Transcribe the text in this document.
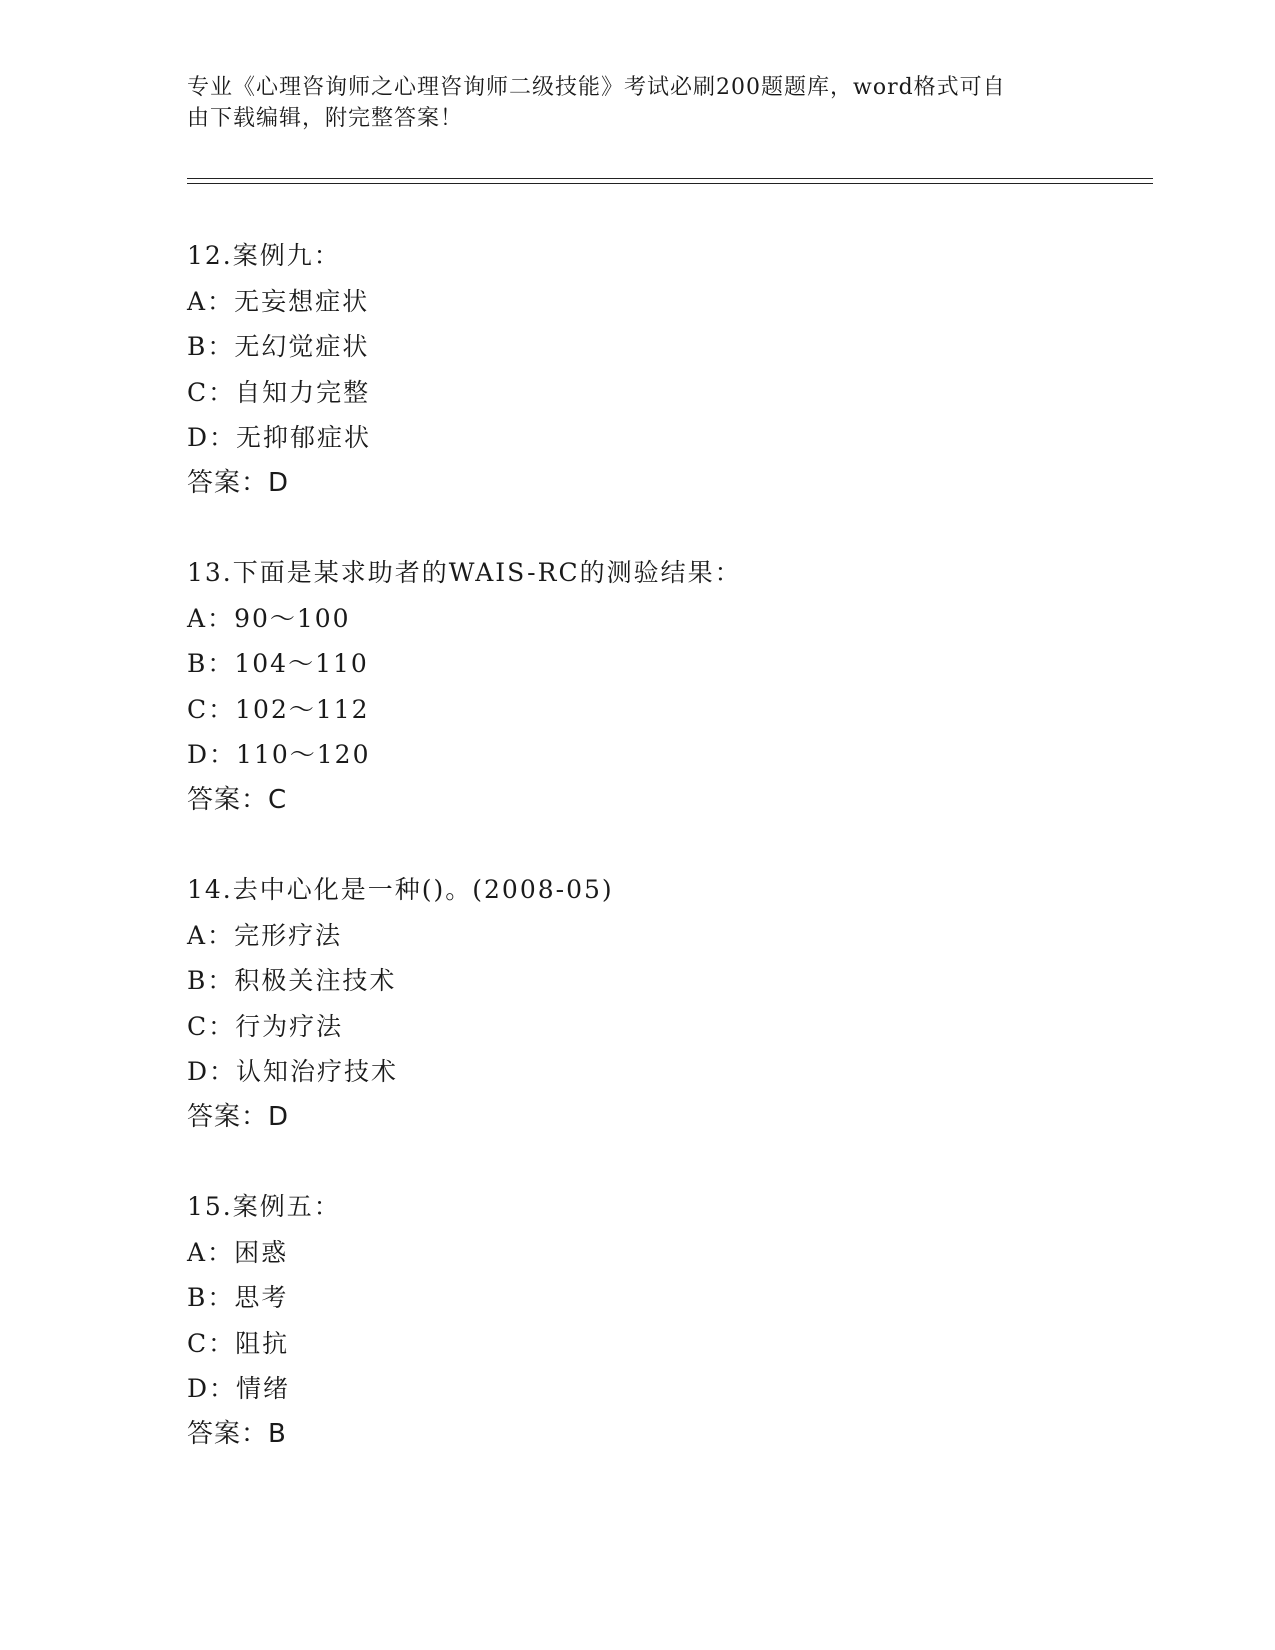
专业《心理咨询师之心理咨询师二级技能》考试必刷200题题库，word格式可自
由下载编辑，附完整答案！
12.案例九：
A：无妄想症状
B：无幻觉症状
C：自知力完整
D：无抑郁症状
答案：D
13.下面是某求助者的WAIS-RC的测验结果：
A：90～100
B：104～110
C：102～112
D：110～120
答案：C
14.去中心化是一种()。(2008-05)
A：完形疗法
B：积极关注技术
C：行为疗法
D：认知治疗技术
答案：D
15.案例五：
A：困惑
B：思考
C：阻抗
D：情绪
答案：B
